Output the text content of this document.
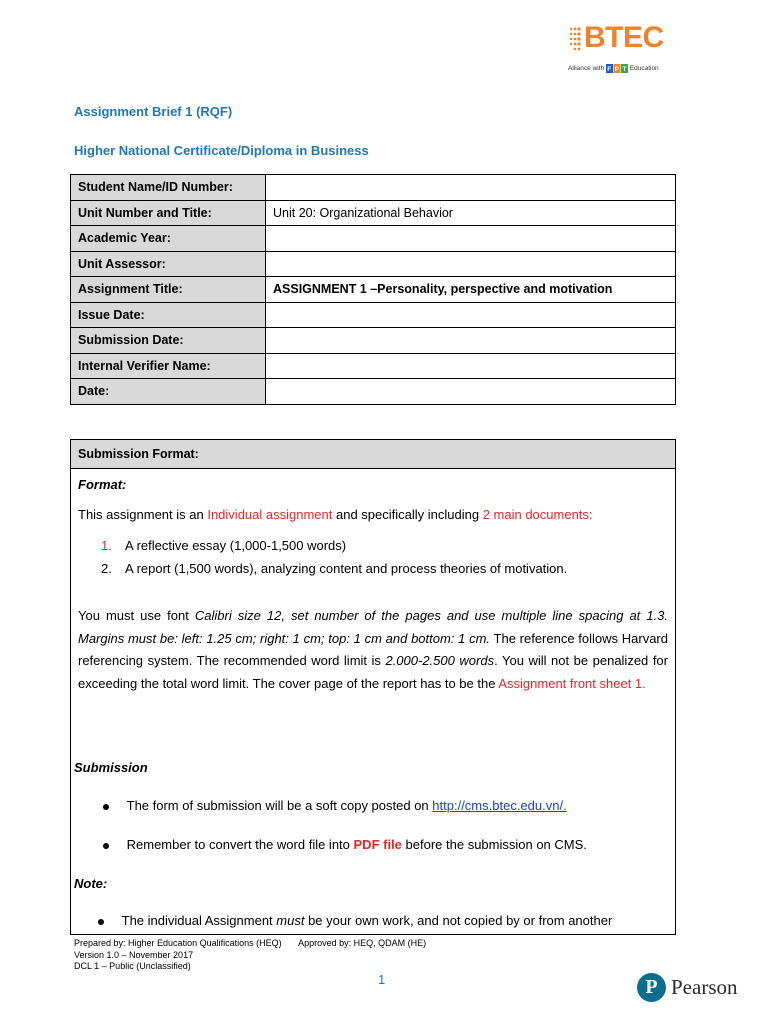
BTEC
Alliance with F P T Education
Assignment Brief 1 (RQF)
Higher National Certificate/Diploma in Business
Student Name/ID Number:	
Unit Number and Title:	Unit 20: Organizational Behavior
Academic Year:	
Unit Assessor:	
Assignment Title:	ASSIGNMENT 1 –Personality, perspective and motivation
Issue Date:	
Submission Date:	
Internal Verifier Name:	
Date:	
Submission Format:
Format:
This assignment is an Individual assignment and specifically including 2 main documents:
1. A reflective essay (1,000-1,500 words)
2. A report (1,500 words), analyzing content and process theories of motivation.
You must use font Calibri size 12, set number of the pages and use multiple line spacing at 1.3. Margins must be: left: 1.25 cm; right: 1 cm; top: 1 cm and bottom: 1 cm. The reference follows Harvard referencing system. The recommended word limit is 2.000-2.500 words. You will not be penalized for exceeding the total word limit. The cover page of the report has to be the Assignment front sheet 1.
Submission
The form of submission will be a soft copy posted on http://cms.btec.edu.vn/.
Remember to convert the word file into PDF file before the submission on CMS.
Note:
The individual Assignment must be your own work, and not copied by or from another
Prepared by: Higher Education Qualifications (HEQ) Approved by: HEQ, QDAM (HE)
Version 1.0 – November 2017
DCL 1 – Public (Unclassified)
1	P Pearson
